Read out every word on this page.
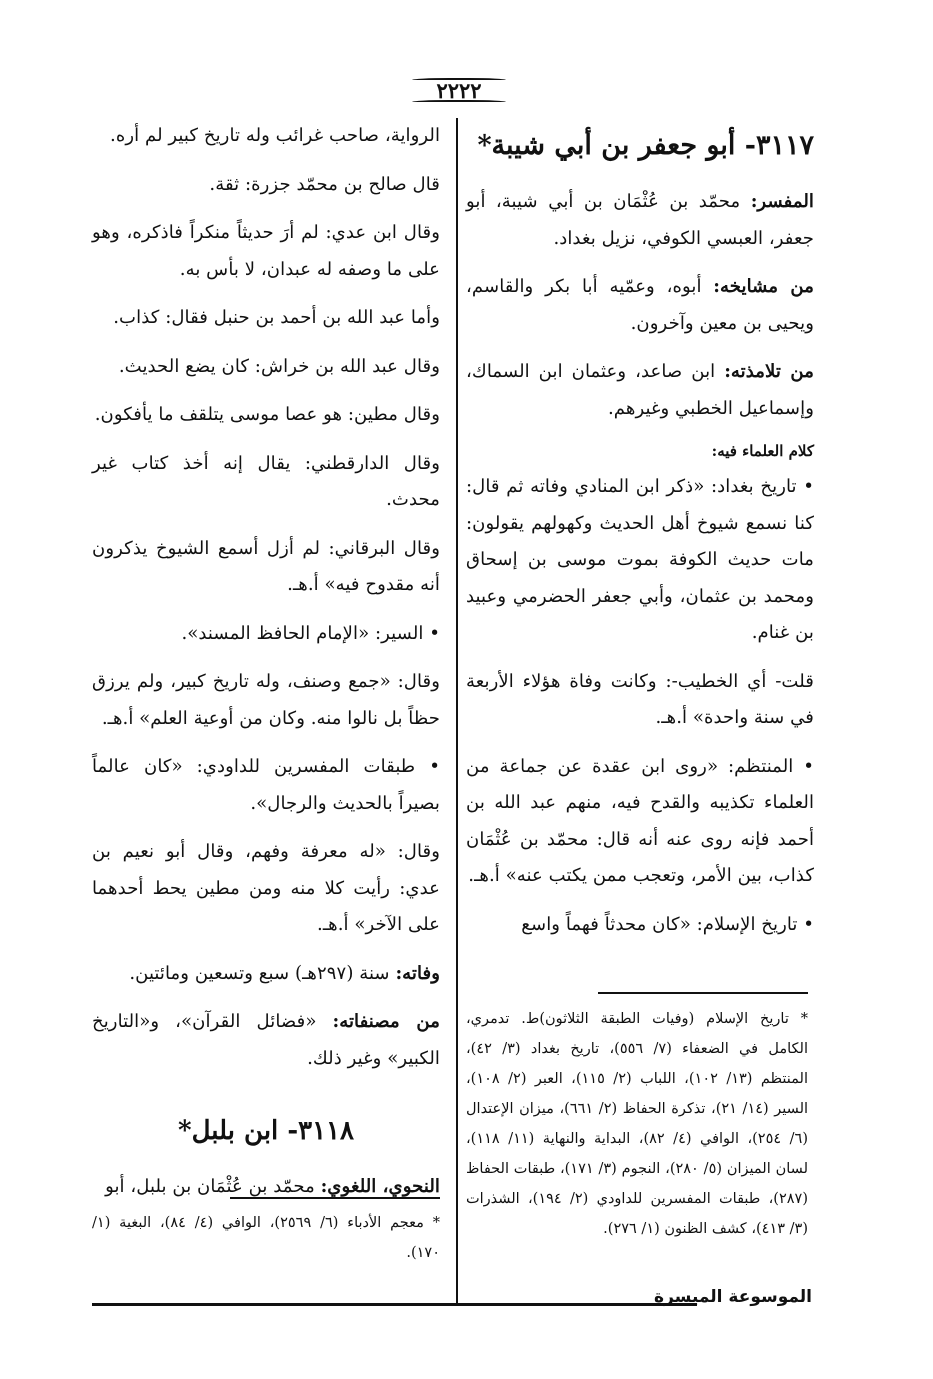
٢٢٢٢
٣١١٧- أبو جعفر بن أبي شيبة*

المفسر: محمّد بن عُثْمَان بن أبي شيبة، أبو جعفر، العبسي الكوفي، نزيل بغداد.

من مشايخه: أبوه، وعمّيه أبا بكر والقاسم، ويحيى بن معين وآخرون.

من تلامذته: ابن صاعد، وعثمان ابن السماك، وإسماعيل الخطبي وغيرهم.

كلام العلماء فيه:

• تاريخ بغداد: «ذكر ابن المنادي وفاته ثم قال: كنا نسمع شيوخ أهل الحديث وكهولهم يقولون: مات حديث الكوفة بموت موسى بن إسحاق ومحمد بن عثمان، وأبي جعفر الحضرمي وعبيد بن غنام.

قلت- أي الخطيب-: وكانت وفاة هؤلاء الأربعة في سنة واحدة» أ.هـ.

• المنتظم: «روى ابن عقدة عن جماعة من العلماء تكذيبه والقدح فيه، منهم عبد الله بن أحمد فإنه روى عنه أنه قال: محمّد بن عُثْمَان كذاب، بين الأمر، وتعجب ممن يكتب عنه» أ.هـ.

• تاريخ الإسلام: «كان محدثاً فهماً واسع

* تاريخ الإسلام (وفيات الطبقة الثلاثون)ط. تدمري، الكامل في الضعفاء (٧/ ٥٥٦)، تاريخ بغداد (٣/ ٤٢)، المنتظم (١٣/ ١٠٢)، اللباب (٢/ ١١٥)، العبر (٢/ ١٠٨)، السير (١٤/ ٢١)، تذكرة الحفاظ (٢/ ٦٦١)، ميزان الإعتدال (٦/ ٢٥٤)، الوافي (٤/ ٨٢)، البداية والنهاية (١١/ ١١٨)، لسان الميزان (٥/ ٢٨٠)، النجوم (٣/ ١٧١)، طبقات الحفاظ (٢٨٧)، طبقات المفسرين للداودي (٢/ ١٩٤)، الشذرات (٣/ ٤١٣)، كشف الظنون (١/ ٢٧٦).

الرواية، صاحب غرائب وله تاريخ كبير لم أره.

قال صالح بن محمّد جزرة: ثقة.

وقال ابن عدي: لم أرَ حديثاً منكراً فاذكره، وهو على ما وصفه له عبدان، لا بأس به.

وأما عبد الله بن أحمد بن حنبل فقال: كذاب.

وقال عبد الله بن خراش: كان يضع الحديث.

وقال مطين: هو عصا موسى يتلقف ما يأفكون.

وقال الدارقطني: يقال إنه أخذ كتاب غير محدث.

وقال البرقاني: لم أزل أسمع الشيوخ يذكرون أنه مقدوح فيه» أ.هـ.

• السير: «الإمام الحافظ المسند».

وقال: «جمع وصنف، وله تاريخ كبير، ولم يرزق حظاً بل نالوا منه. وكان من أوعية العلم» أ.هـ.

• طبقات المفسرين للداودي: «كان عالماً بصيراً بالحديث والرجال».

وقال: «له معرفة وفهم، وقال أبو نعيم بن عدي: رأيت كلا منه ومن مطين يحط أحدهما على الآخر» أ.هـ.

وفاته: سنة (٢٩٧هـ) سبع وتسعين ومائتين.

من مصنفاته: «فضائل القرآن»، و«التاريخ الكبير» وغير ذلك.

٣١١٨- ابن بلبل*

النحوي، اللغوي: محمّد بن عُثْمَان بن بلبل، أبو

* معجم الأدباء (٦/ ٢٥٦٩)، الوافي (٤/ ٨٤)، البغية (١/ ١٧٠).
الموسوعة الميسرة
